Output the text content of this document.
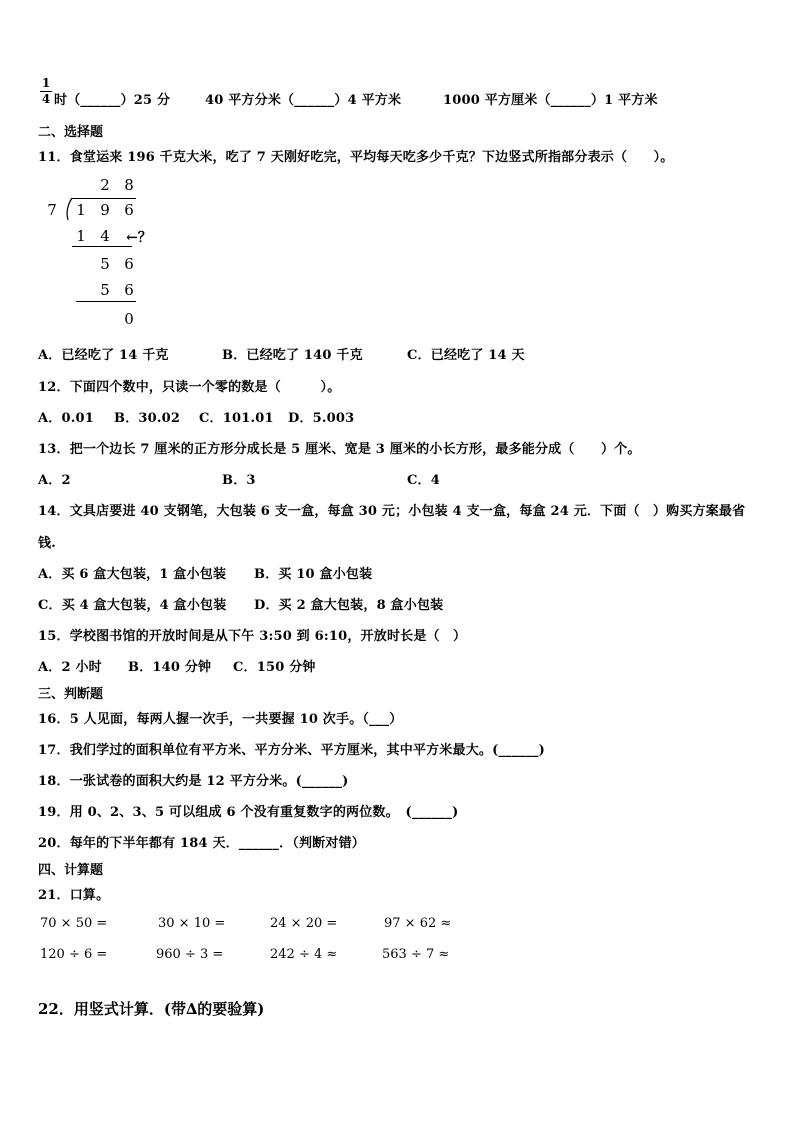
1
4 时（______）25 分	40 平方分米（______）4 平方米	1000 平方厘米（______）1 平方米
二、选择题
11．食堂运来 196 千克大米，吃了 7 天刚好吃完，平均每天吃多少千克？下边竖式所指部分表示（　　）。
2 8
7 1 9 6
1 4 ←？
5 6
5 6
0
A．已经吃了 14 千克	B．已经吃了 140 千克	C．已经吃了 14 天
12．下面四个数中，只读一个零的数是（　　　）。
A．0.01 B．30.02 C．101.01 D．5.003
13．把一个边长 7 厘米的正方形分成长是 5 厘米、宽是 3 厘米的小长方形，最多能分成（　　）个。
A．2	B．3	C．4
14．文具店要进 40 支钢笔，大包装 6 支一盒，每盒 30 元；小包装 4 支一盒，每盒 24 元．下面（　）购买方案最省
钱.
A．买 6 盒大包装，1 盒小包装 B．买 10 盒小包装
C．买 4 盒大包装，4 盒小包装 D．买 2 盒大包装，8 盒小包装
15．学校图书馆的开放时间是从下午 3:50 到 6:10，开放时长是（　）
A．2 小时 B．140 分钟 C．150 分钟
三、判断题
16．5 人见面，每两人握一次手，一共要握 10 次手。（___）
17．我们学过的面积单位有平方米、平方分米、平方厘米，其中平方米最大。(______)
18．一张试卷的面积大约是 12 平方分米。(______)
19．用 0、2、3、5 可以组成 6 个没有重复数字的两位数。　(______)
20．每年的下半年都有 184 天．______．（判断对错）
四、计算题
21．口算。
70 × 50 =	30 × 10 =	24 × 20 =	97 × 62 ≈
120 ÷ 6 =	960 ÷ 3 =	242 ÷ 4 ≈	563 ÷ 7 ≈
22．用竖式计算．(带∆的要验算)
